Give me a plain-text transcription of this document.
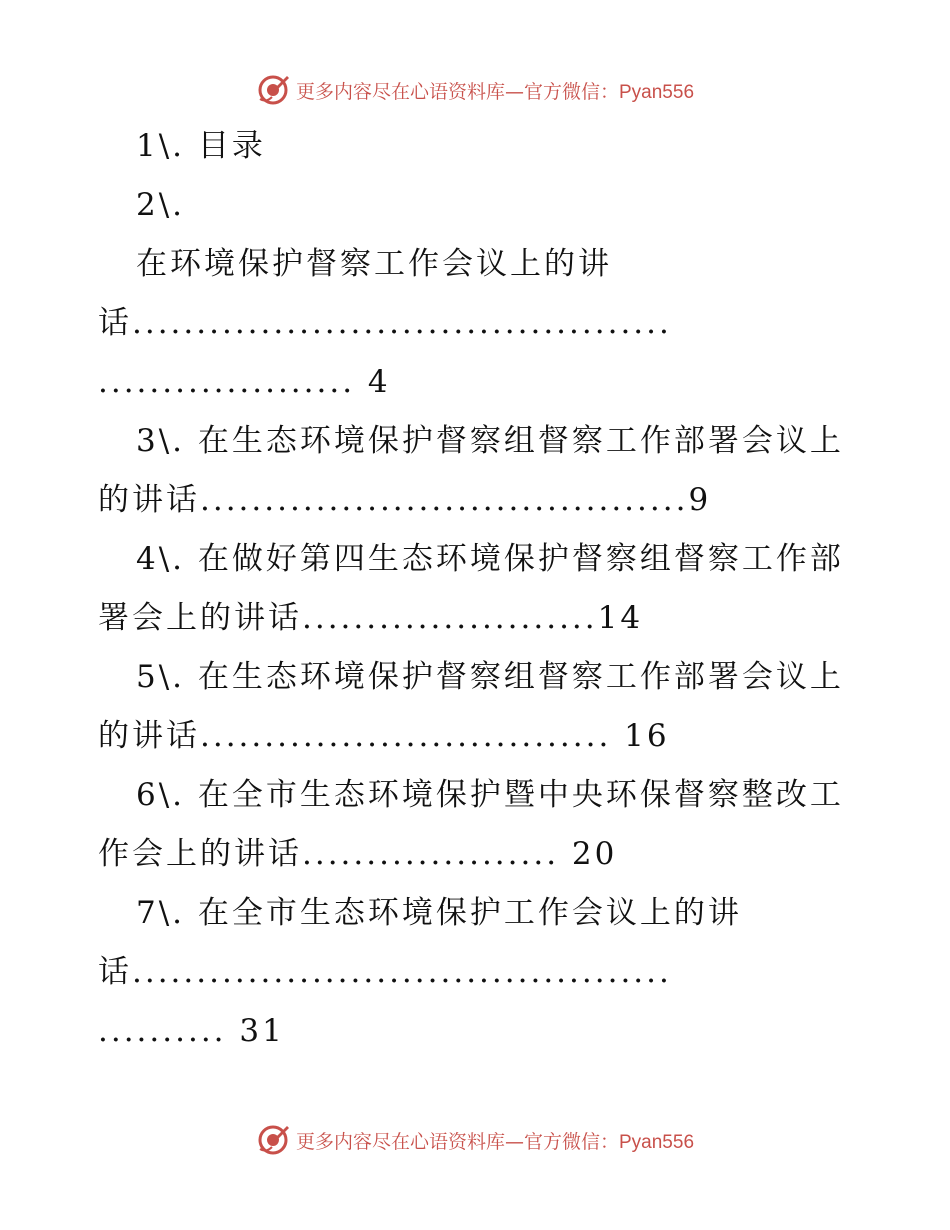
更多内容尽在心语资料库—官方微信：Pyan556
1\. 目录
2\.
在环境保护督察工作会议上的讲
话..........................................
.................... 4
3\. 在生态环境保护督察组督察工作部署会议上
的讲话......................................9
4\. 在做好第四生态环境保护督察组督察工作部
署会上的讲话.......................14
5\. 在生态环境保护督察组督察工作部署会议上
的讲话................................ 16
6\. 在全市生态环境保护暨中央环保督察整改工
作会上的讲话.................... 20
7\. 在全市生态环境保护工作会议上的讲
话..........................................
.......... 31
更多内容尽在心语资料库—官方微信：Pyan556
